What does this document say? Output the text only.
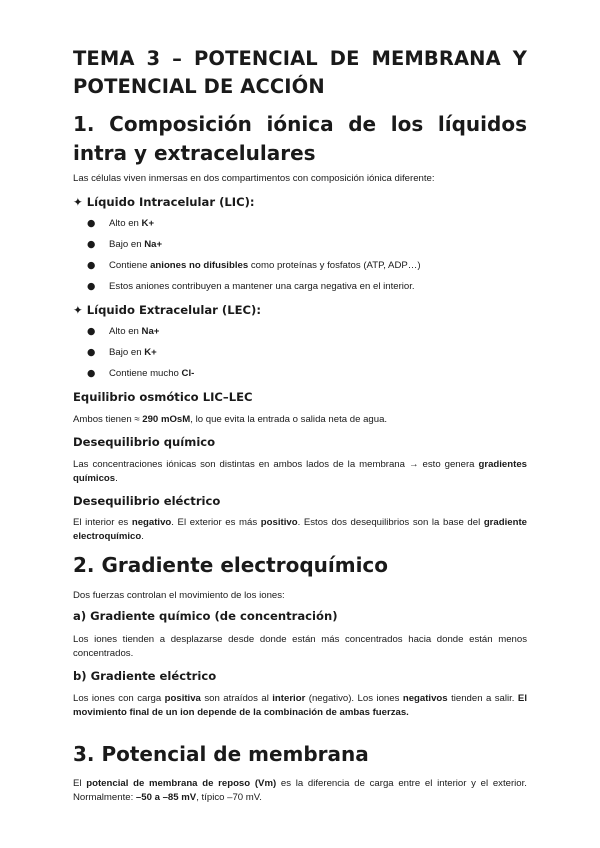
TEMA 3 – POTENCIAL DE MEMBRANA Y POTENCIAL DE ACCIÓN
1. Composición iónica de los líquidos intra y extracelulares

Las células viven inmersas en dos compartimentos con composición iónica diferente:

✦ Líquido Intracelular (LIC):

● Alto en K+

● Bajo en Na+

● Contiene aniones no difusibles como proteínas y fosfatos (ATP, ADP…)

● Estos aniones contribuyen a mantener una carga negativa en el interior.

✦ Líquido Extracelular (LEC):

● Alto en Na+

● Bajo en K+

● Contiene mucho Cl-

Equilibrio osmótico LIC–LEC

Ambos tienen ≈ 290 mOsM, lo que evita la entrada o salida neta de agua.

Desequilibrio químico

Las concentraciones iónicas son distintas en ambos lados de la membrana → esto genera gradientes químicos.

Desequilibrio eléctrico

El interior es negativo. El exterior es más positivo. Estos dos desequilibrios son la base del gradiente electroquímico.

2. Gradiente electroquímico

Dos fuerzas controlan el movimiento de los iones:

a) Gradiente químico (de concentración)

Los iones tienden a desplazarse desde donde están más concentrados hacia donde están menos concentrados.

b) Gradiente eléctrico

Los iones con carga positiva son atraídos al interior (negativo). Los iones negativos tienden a salir. El movimiento final de un ion depende de la combinación de ambas fuerzas.

3. Potencial de membrana

El potencial de membrana de reposo (Vm) es la diferencia de carga entre el interior y el exterior. Normalmente: –50 a –85 mV, típico –70 mV.
